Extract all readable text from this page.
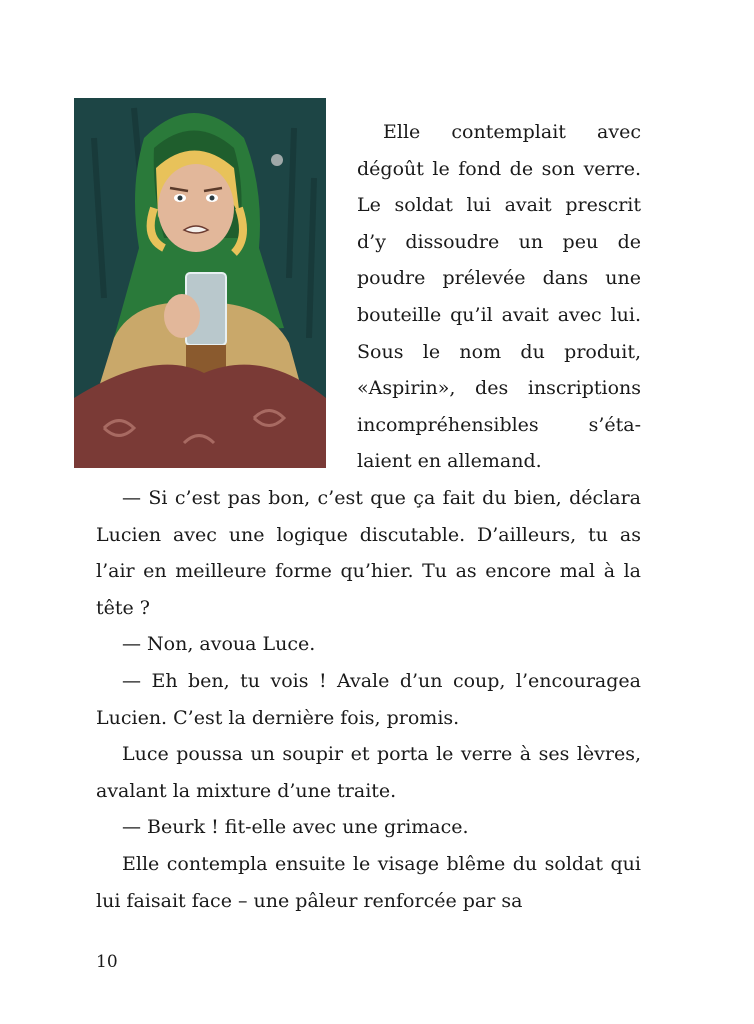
Elle contemplait avec dégoût le fond de son verre. Le soldat lui avait prescrit d’y dissoudre un peu de poudre prélevée dans une bouteille qu’il avait avec lui. Sous le nom du produit, «Aspirin», des inscriptions incompréhensibles s’étalaient en allemand.

— Si c’est pas bon, c’est que ça fait du bien, déclara Lucien avec une logique discutable. D’ailleurs, tu as l’air en meilleure forme qu’hier. Tu as encore mal à la tête ?

— Non, avoua Luce.

— Eh ben, tu vois ! Avale d’un coup, l’encouragea Lucien. C’est la dernière fois, promis.

Luce poussa un soupir et porta le verre à ses lèvres, avalant la mixture d’une traite.

— Beurk ! fit-elle avec une grimace.

Elle contempla ensuite le visage blême du soldat qui lui faisait face – une pâleur renforcée par sa

10
